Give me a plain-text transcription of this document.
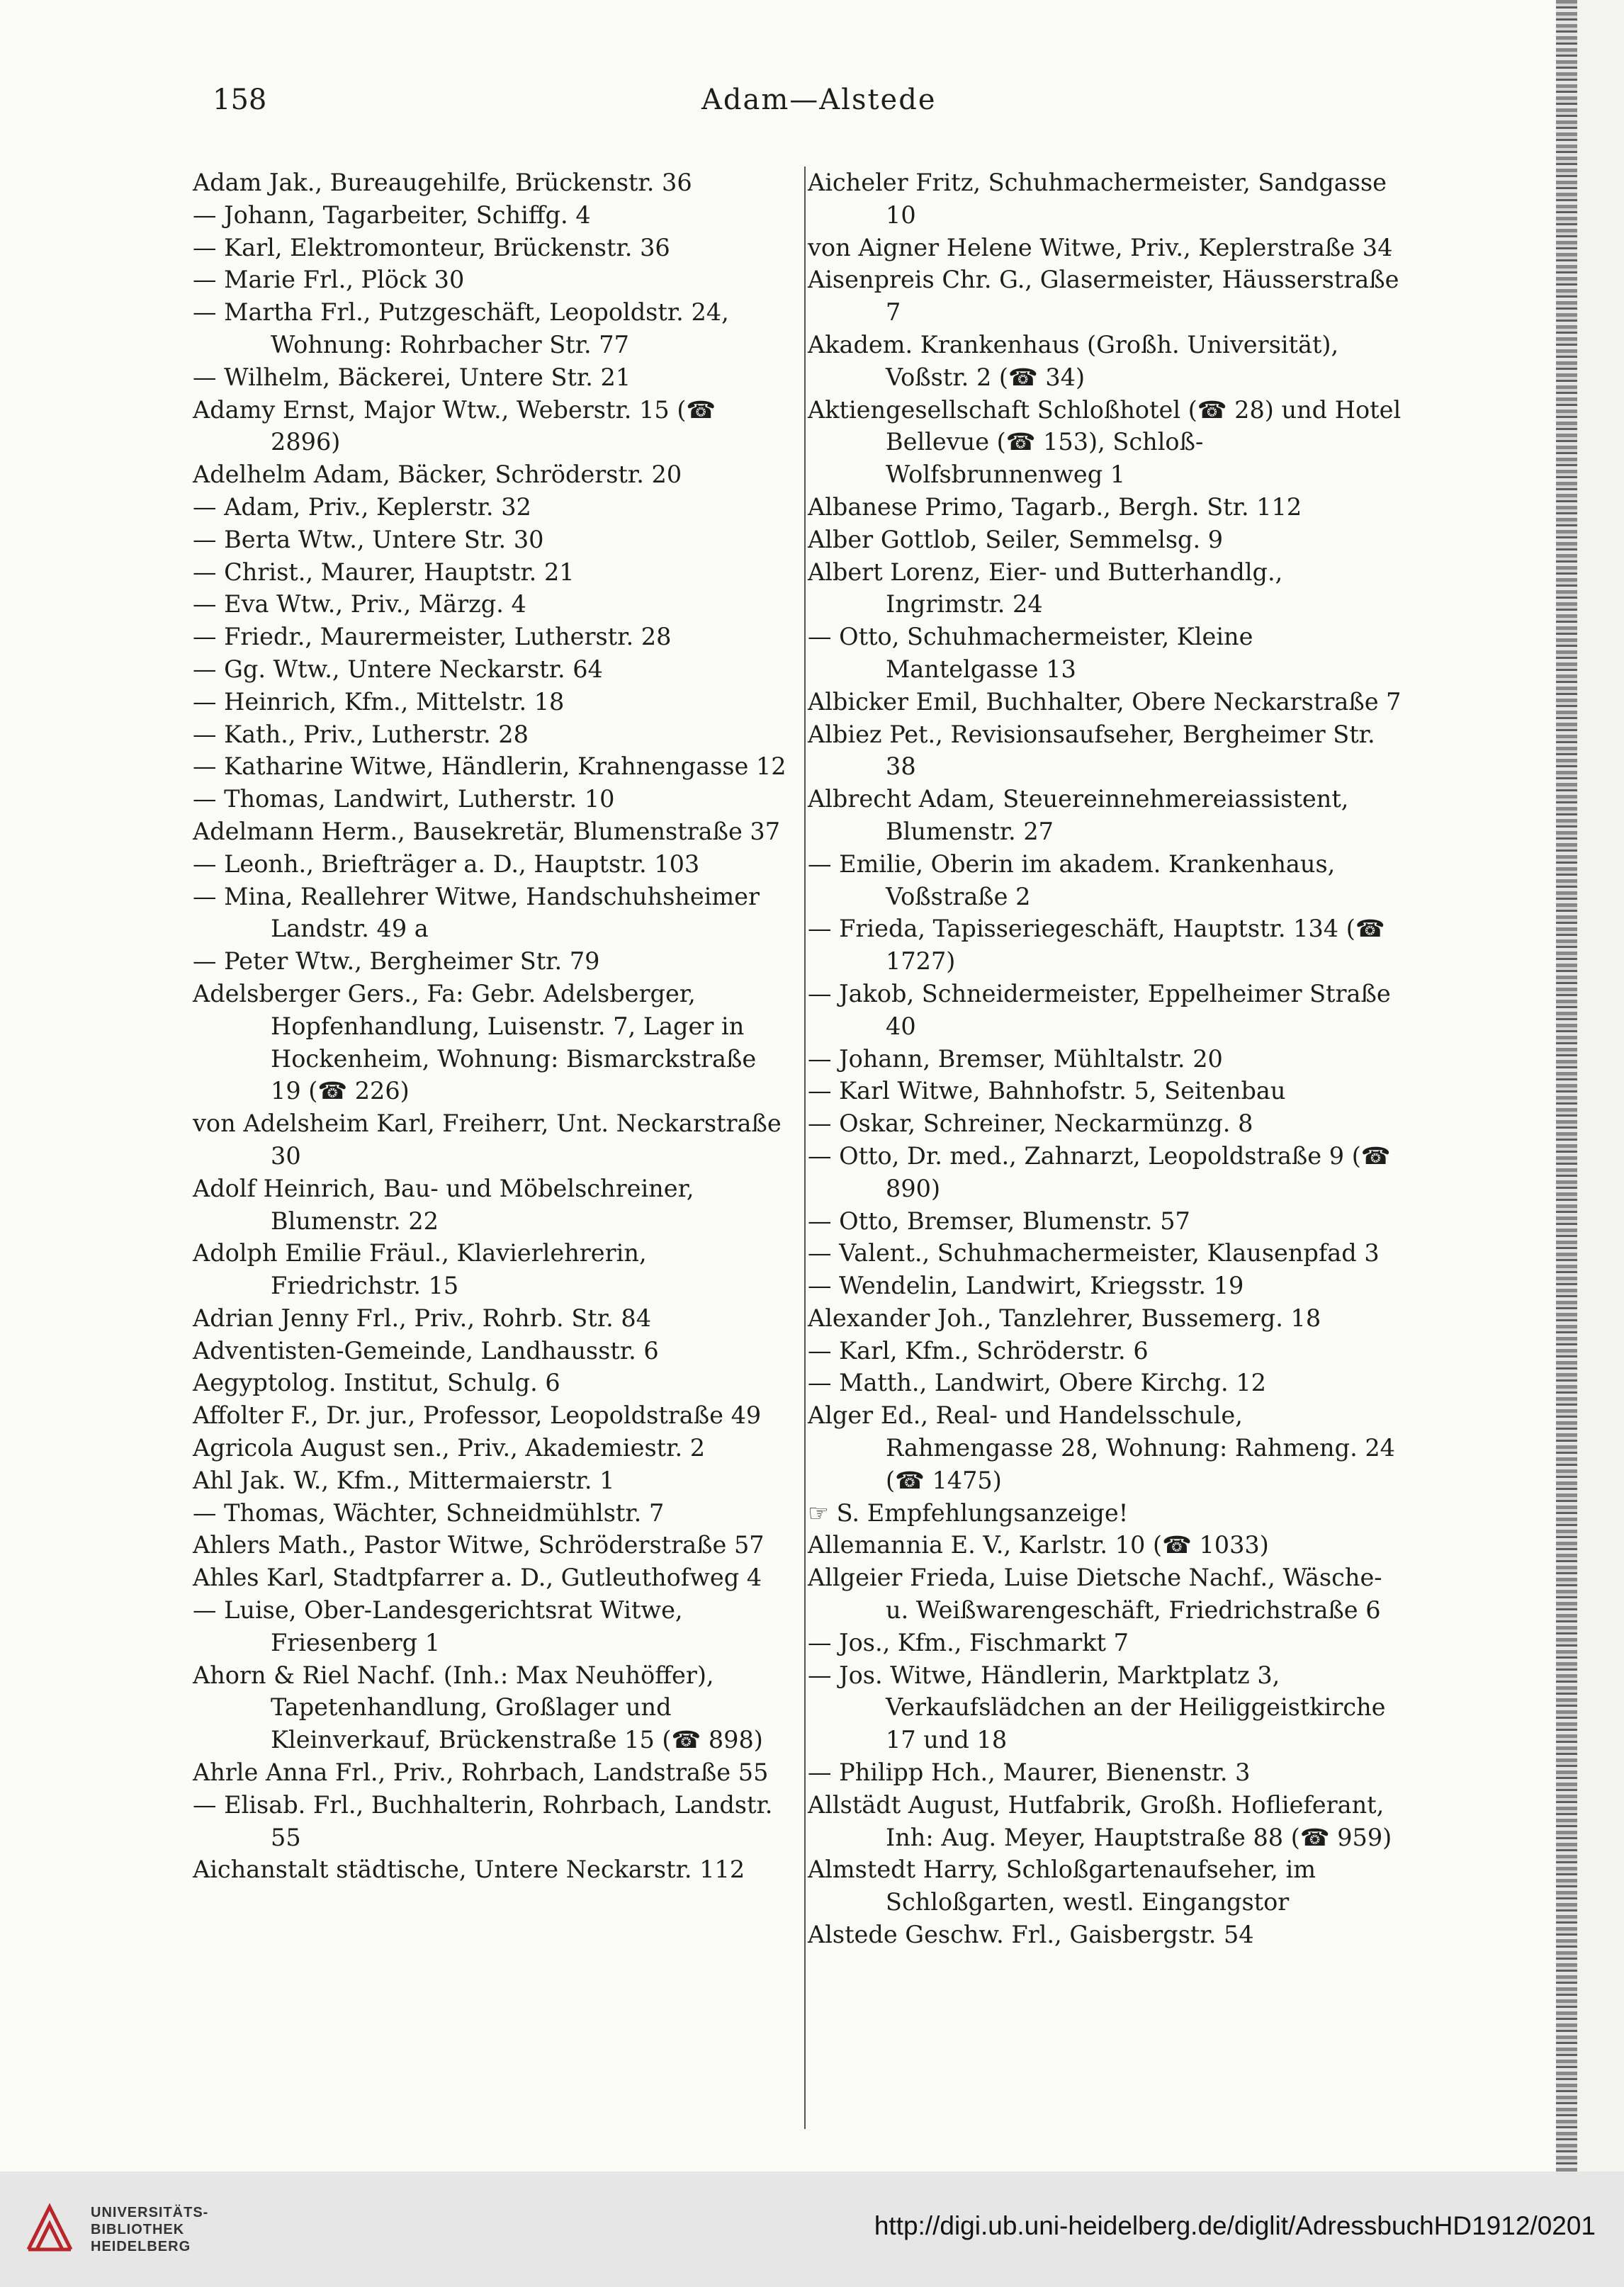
158	Adam—Alstede

Adam Jak., Bureaugehilfe, Brückenstr. 36

— Johann, Tagarbeiter, Schiffg. 4

— Karl, Elektromonteur, Brückenstr. 36

— Marie Frl., Plöck 30

— Martha Frl., Putzgeschäft, Leopoldstr. 24, Wohnung: Rohrbacher Str. 77

— Wilhelm, Bäckerei, Untere Str. 21

Adamy Ernst, Major Wtw., Weberstr. 15 (☎ 2896)

Adelhelm Adam, Bäcker, Schröderstr. 20

— Adam, Priv., Keplerstr. 32

— Berta Wtw., Untere Str. 30

— Christ., Maurer, Hauptstr. 21

— Eva Wtw., Priv., Märzg. 4

— Friedr., Maurermeister, Lutherstr. 28

— Gg. Wtw., Untere Neckarstr. 64

— Heinrich, Kfm., Mittelstr. 18

— Kath., Priv., Lutherstr. 28

— Katharine Witwe, Händlerin, Krahnengasse 12

— Thomas, Landwirt, Lutherstr. 10

Adelmann Herm., Bausekretär, Blumenstraße 37

— Leonh., Briefträger a. D., Hauptstr. 103

— Mina, Reallehrer Witwe, Handschuhsheimer Landstr. 49 a

— Peter Wtw., Bergheimer Str. 79

Adelsberger Gers., Fa: Gebr. Adelsberger, Hopfenhandlung, Luisenstr. 7, Lager in Hockenheim, Wohnung: Bismarckstraße 19 (☎ 226)

von Adelsheim Karl, Freiherr, Unt. Neckarstraße 30

Adolf Heinrich, Bau- und Möbelschreiner, Blumenstr. 22

Adolph Emilie Fräul., Klavierlehrerin, Friedrichstr. 15

Adrian Jenny Frl., Priv., Rohrb. Str. 84

Adventisten-Gemeinde, Landhausstr. 6

Aegyptolog. Institut, Schulg. 6

Affolter F., Dr. jur., Professor, Leopoldstraße 49

Agricola August sen., Priv., Akademiestr. 2

Ahl Jak. W., Kfm., Mittermaierstr. 1

— Thomas, Wächter, Schneidmühlstr. 7

Ahlers Math., Pastor Witwe, Schröderstraße 57

Ahles Karl, Stadtpfarrer a. D., Gutleuthofweg 4

— Luise, Ober-Landesgerichtsrat Witwe, Friesenberg 1

Ahorn & Riel Nachf. (Inh.: Max Neuhöffer), Tapetenhandlung, Großlager und Kleinverkauf, Brückenstraße 15 (☎ 898)

Ahrle Anna Frl., Priv., Rohrbach, Landstraße 55

— Elisab. Frl., Buchhalterin, Rohrbach, Landstr. 55

Aichanstalt städtische, Untere Neckarstr. 112

Aicheler Fritz, Schuhmachermeister, Sandgasse 10

von Aigner Helene Witwe, Priv., Keplerstraße 34

Aisenpreis Chr. G., Glasermeister, Häusserstraße 7

Akadem. Krankenhaus (Großh. Universität), Voßstr. 2 (☎ 34)

Aktiengesellschaft Schloßhotel (☎ 28) und Hotel Bellevue (☎ 153), Schloß-Wolfsbrunnenweg 1

Albanese Primo, Tagarb., Bergh. Str. 112

Alber Gottlob, Seiler, Semmelsg. 9

Albert Lorenz, Eier- und Butterhandlg., Ingrimstr. 24

— Otto, Schuhmachermeister, Kleine Mantelgasse 13

Albicker Emil, Buchhalter, Obere Neckarstraße 7

Albiez Pet., Revisionsaufseher, Bergheimer Str. 38

Albrecht Adam, Steuereinnehmereiassistent, Blumenstr. 27

— Emilie, Oberin im akadem. Krankenhaus, Voßstraße 2

— Frieda, Tapisseriegeschäft, Hauptstr. 134 (☎ 1727)

— Jakob, Schneidermeister, Eppelheimer Straße 40

— Johann, Bremser, Mühltalstr. 20

— Karl Witwe, Bahnhofstr. 5, Seitenbau

— Oskar, Schreiner, Neckarmünzg. 8

— Otto, Dr. med., Zahnarzt, Leopoldstraße 9 (☎ 890)

— Otto, Bremser, Blumenstr. 57

— Valent., Schuhmachermeister, Klausenpfad 3

— Wendelin, Landwirt, Kriegsstr. 19

Alexander Joh., Tanzlehrer, Bussemerg. 18

— Karl, Kfm., Schröderstr. 6

— Matth., Landwirt, Obere Kirchg. 12

Alger Ed., Real- und Handelsschule, Rahmengasse 28, Wohnung: Rahmeng. 24 (☎ 1475)

☞ S. Empfehlungsanzeige!

Allemannia E. V., Karlstr. 10 (☎ 1033)

Allgeier Frieda, Luise Dietsche Nachf., Wäsche- u. Weißwarengeschäft, Friedrichstraße 6

— Jos., Kfm., Fischmarkt 7

— Jos. Witwe, Händlerin, Marktplatz 3, Verkaufslädchen an der Heiliggeistkirche 17 und 18

— Philipp Hch., Maurer, Bienenstr. 3

Allstädt August, Hutfabrik, Großh. Hoflieferant, Inh: Aug. Meyer, Hauptstraße 88 (☎ 959)

Almstedt Harry, Schloßgartenaufseher, im Schloßgarten, westl. Eingangstor

Alstede Geschw. Frl., Gaisbergstr. 54

UNIVERSITÄTS-
BIBLIOTHEK
HEIDELBERG
http://digi.ub.uni-heidelberg.de/diglit/AdressbuchHD1912/0201
